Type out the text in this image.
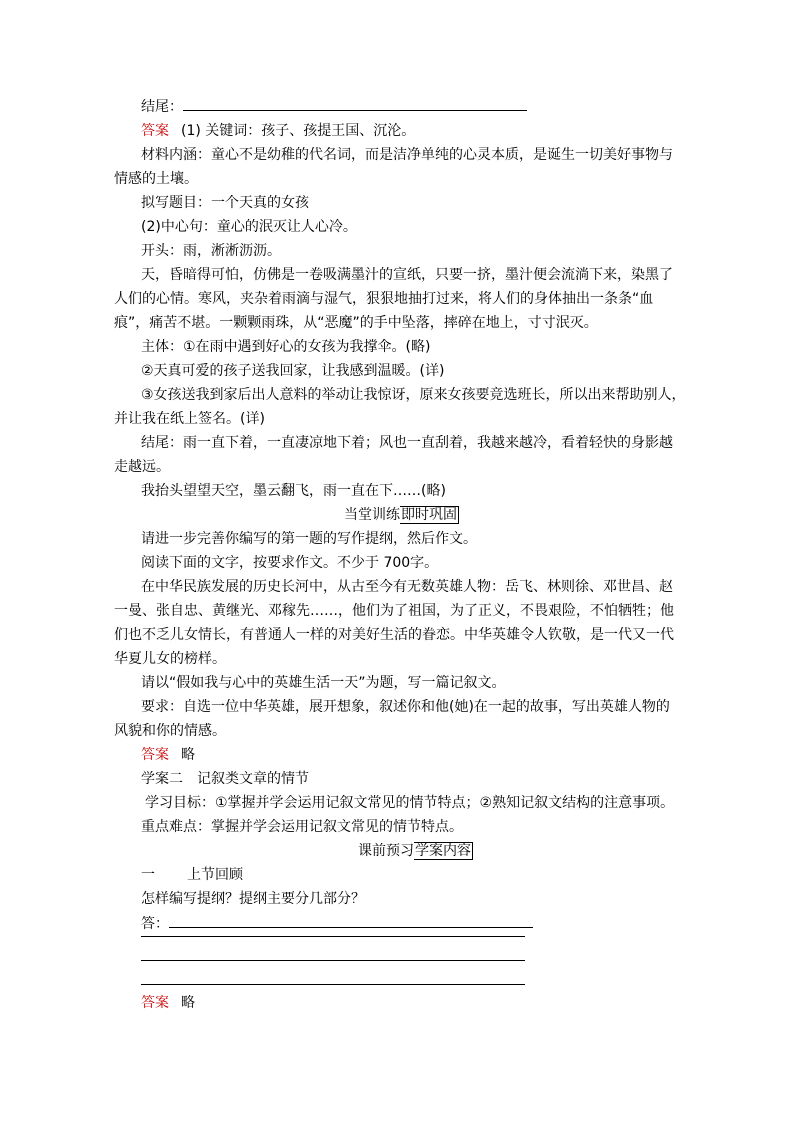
结尾：
答案 (1) 关键词：孩子、孩提王国、沉沦。
材料内涵：童心不是幼稚的代名词，而是洁净单纯的心灵本质，是诞生一切美好事物与
情感的土壤。
拟写题目：一个天真的女孩
(2)中心句：童心的泯灭让人心冷。
开头：雨，淅淅沥沥。
天，昏暗得可怕，仿佛是一卷吸满墨汁的宣纸，只要一挤，墨汁便会流淌下来，染黑了
人们的心情。寒风，夹杂着雨滴与湿气，狠狠地抽打过来，将人们的身体抽出一条条“血
痕”，痛苦不堪。一颗颗雨珠，从“恶魔”的手中坠落，摔碎在地上，寸寸泯灭。
主体：①在雨中遇到好心的女孩为我撑伞。(略)
②天真可爱的孩子送我回家，让我感到温暖。(详)
③女孩送我到家后出人意料的举动让我惊讶，原来女孩要竞选班长，所以出来帮助别人，
并让我在纸上签名。(详)
结尾：雨一直下着，一直凄凉地下着；风也一直刮着，我越来越冷，看着轻快的身影越
走越远。
我抬头望望天空，墨云翻飞，雨一直在下……(略)
当堂训练即时巩固
请进一步完善你编写的第一题的写作提纲，然后作文。
阅读下面的文字，按要求作文。不少于 700字。
在中华民族发展的历史长河中，从古至今有无数英雄人物：岳飞、林则徐、邓世昌、赵
一曼、张自忠、黄继光、邓稼先……，他们为了祖国，为了正义，不畏艰险，不怕牺牲；他
们也不乏儿女情长，有普通人一样的对美好生活的眷恋。中华英雄令人钦敬，是一代又一代
华夏儿女的榜样。
请以“假如我与心中的英雄生活一天”为题，写一篇记叙文。
要求：自选一位中华英雄，展开想象，叙述你和他(她)在一起的故事，写出英雄人物的
风貌和你的情感。
答案 略
学案二 记叙类文章的情节
学习目标：①掌握并学会运用记叙文常见的情节特点；②熟知记叙文结构的注意事项。
重点难点：掌握并学会运用记叙文常见的情节特点。
课前预习学案内容
一 上节回顾
怎样编写提纲？提纲主要分几部分？
答：
答案 略
